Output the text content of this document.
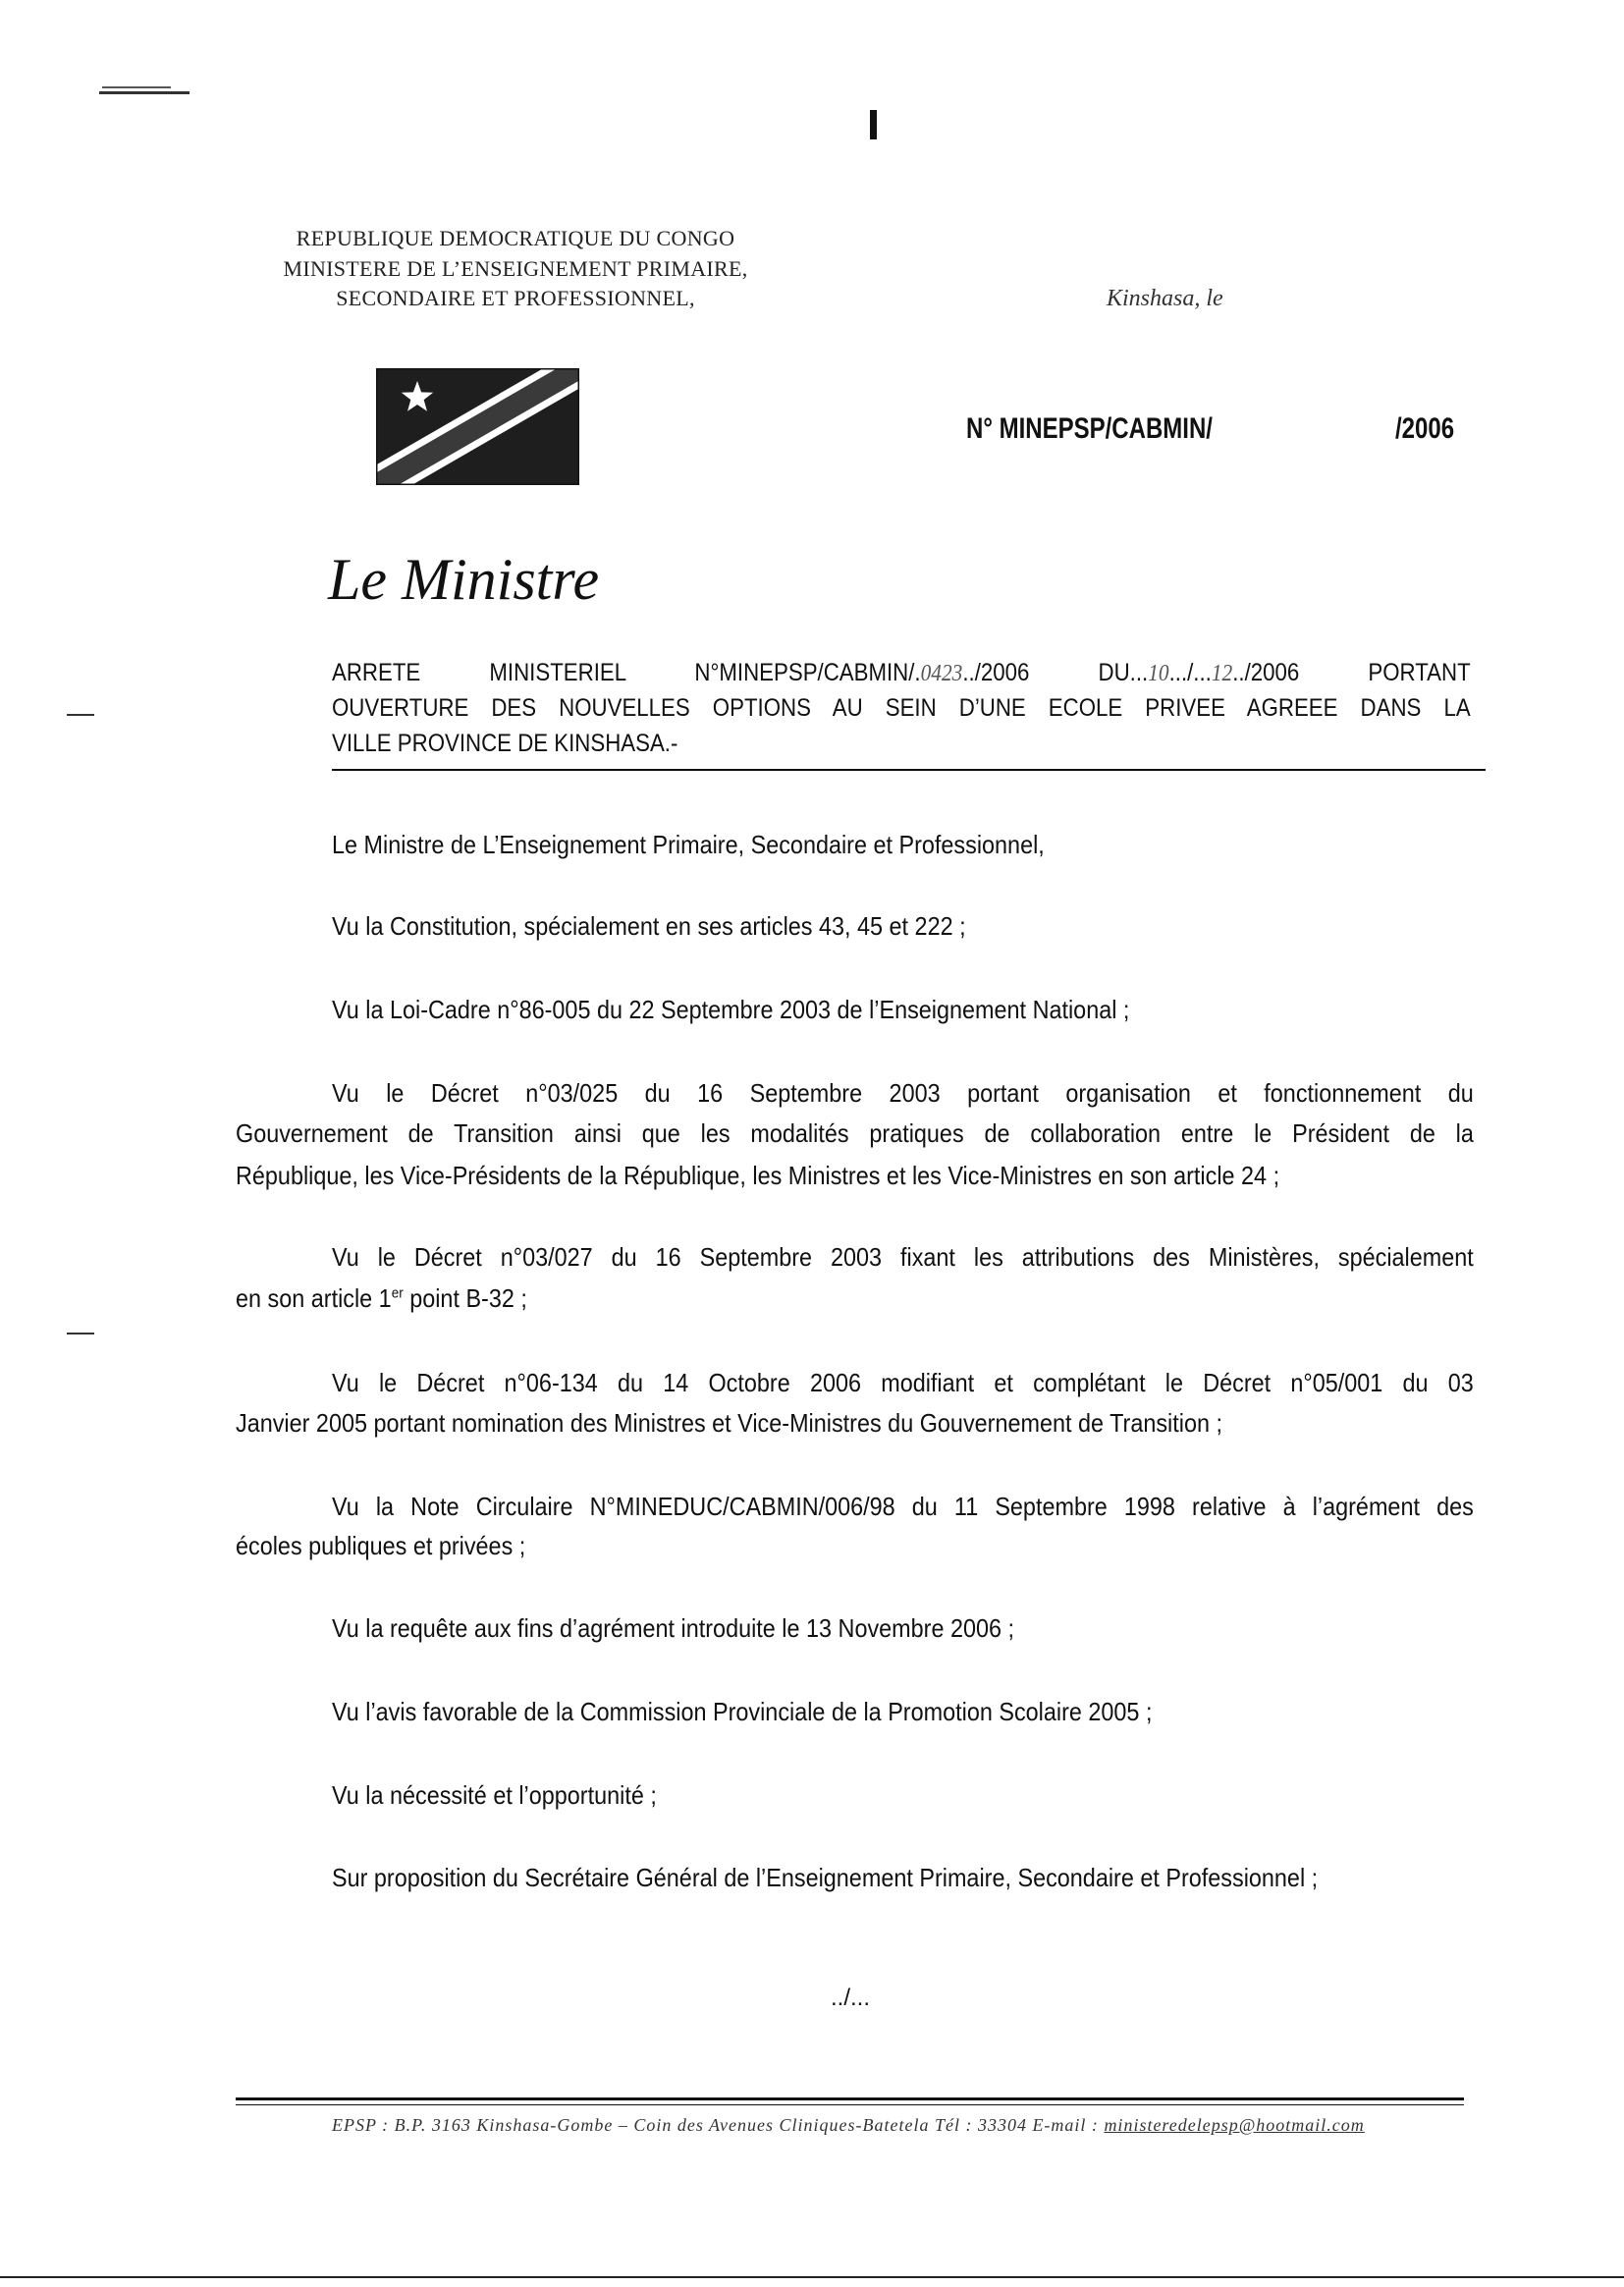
REPUBLIQUE DEMOCRATIQUE DU CONGO
MINISTERE DE L’ENSEIGNEMENT PRIMAIRE,
SECONDAIRE ET PROFESSIONNEL,	Kinshasa, le
N° MINEPSP/CABMIN/	/2006
Le Ministre
ARRETE MINISTERIEL N°MINEPSP/CABMIN/.0423../2006 DU...10.../...12../2006 PORTANT
OUVERTURE DES NOUVELLES OPTIONS AU SEIN D’UNE ECOLE PRIVEE AGREEE DANS LA
VILLE PROVINCE DE KINSHASA.-
Le Ministre de L’Enseignement Primaire, Secondaire et Professionnel,
Vu la Constitution, spécialement en ses articles 43, 45 et 222 ;
Vu la Loi-Cadre n°86-005 du 22 Septembre 2003 de l’Enseignement National ;
Vu le Décret n°03/025 du 16 Septembre 2003 portant organisation et fonctionnement du
Gouvernement de Transition ainsi que les modalités pratiques de collaboration entre le Président de la
République, les Vice-Présidents de la République, les Ministres et les Vice-Ministres en son article 24 ;
Vu le Décret n°03/027 du 16 Septembre 2003 fixant les attributions des Ministères, spécialement
en son article 1er point B-32 ;
Vu le Décret n°06-134 du 14 Octobre 2006 modifiant et complétant le Décret n°05/001 du 03
Janvier 2005 portant nomination des Ministres et Vice-Ministres du Gouvernement de Transition ;
Vu la Note Circulaire N°MINEDUC/CABMIN/006/98 du 11 Septembre 1998 relative à l’agrément des
écoles publiques et privées ;
Vu la requête aux fins d’agrément introduite le 13 Novembre 2006 ;
Vu l’avis favorable de la Commission Provinciale de la Promotion Scolaire 2005 ;
Vu la nécessité et l’opportunité ;
Sur proposition du Secrétaire Général de l’Enseignement Primaire, Secondaire et Professionnel ;
../...
EPSP : B.P. 3163 Kinshasa-Gombe – Coin des Avenues Cliniques-Batetela Tél : 33304 E-mail : ministeredelepsp@hootmail.com
